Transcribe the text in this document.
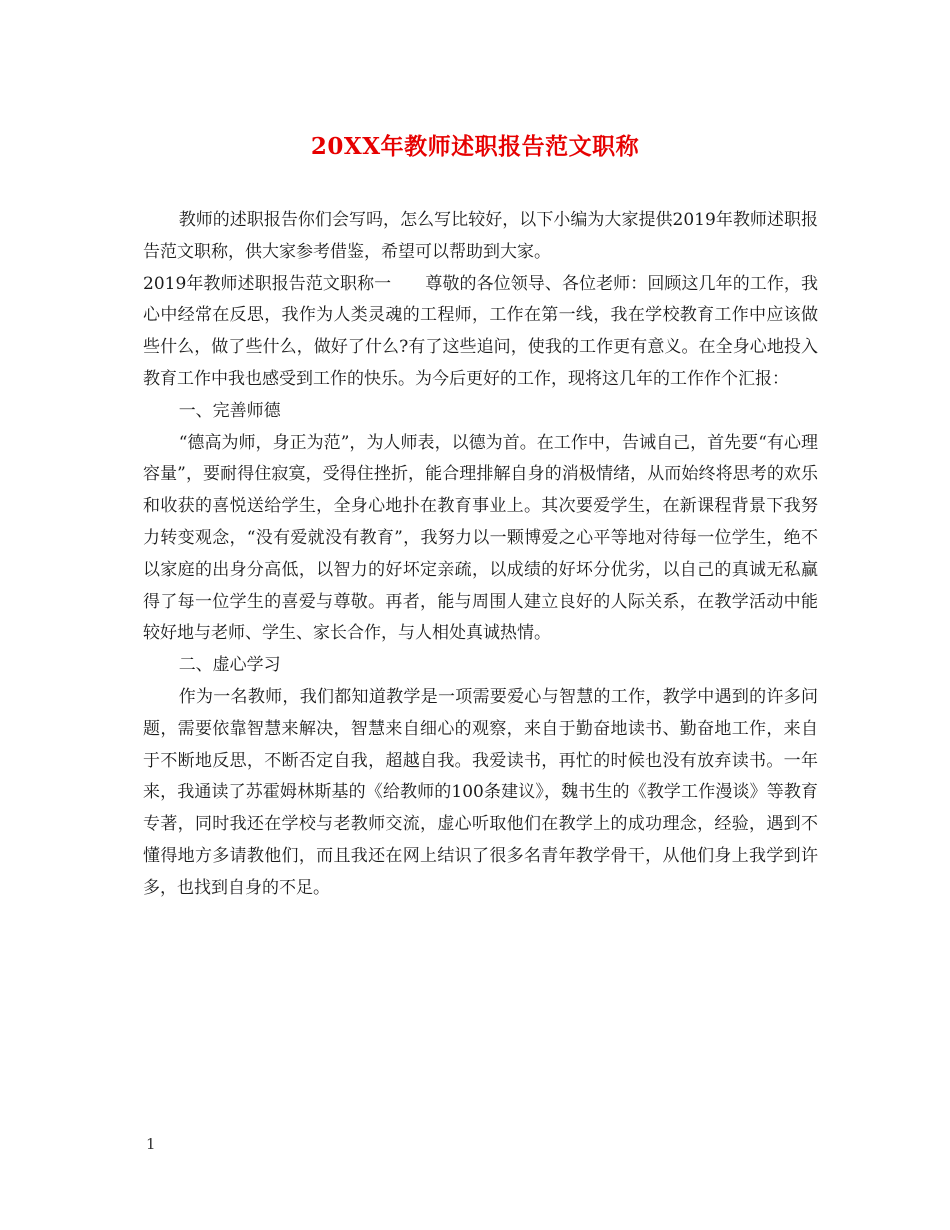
20XX年教师述职报告范文职称

教师的述职报告你们会写吗，怎么写比较好，以下小编为大家提供2019年教师述职报告范文职称，供大家参考借鉴，希望可以帮助到大家。

2019年教师述职报告范文职称一　　尊敬的各位领导、各位老师：回顾这几年的工作，我心中经常在反思，我作为人类灵魂的工程师，工作在第一线，我在学校教育工作中应该做些什么，做了些什么，做好了什么?有了这些追问，使我的工作更有意义。在全身心地投入教育工作中我也感受到工作的快乐。为今后更好的工作，现将这几年的工作作个汇报：

一、完善师德

“德高为师，身正为范”，为人师表，以德为首。在工作中，告诫自己，首先要“有心理容量”，要耐得住寂寞，受得住挫折，能合理排解自身的消极情绪，从而始终将思考的欢乐和收获的喜悦送给学生，全身心地扑在教育事业上。其次要爱学生，在新课程背景下我努力转变观念，“没有爱就没有教育”，我努力以一颗博爱之心平等地对待每一位学生，绝不以家庭的出身分高低，以智力的好坏定亲疏，以成绩的好坏分优劣，以自己的真诚无私赢得了每一位学生的喜爱与尊敬。再者，能与周围人建立良好的人际关系，在教学活动中能较好地与老师、学生、家长合作，与人相处真诚热情。

二、虚心学习

作为一名教师，我们都知道教学是一项需要爱心与智慧的工作，教学中遇到的许多问题，需要依靠智慧来解决，智慧来自细心的观察，来自于勤奋地读书、勤奋地工作，来自于不断地反思，不断否定自我，超越自我。我爱读书，再忙的时候也没有放弃读书。一年来，我通读了苏霍姆林斯基的《给教师的100条建议》，魏书生的《教学工作漫谈》等教育专著，同时我还在学校与老教师交流，虚心听取他们在教学上的成功理念，经验，遇到不懂得地方多请教他们，而且我还在网上结识了很多名青年教学骨干，从他们身上我学到许多，也找到自身的不足。

1
